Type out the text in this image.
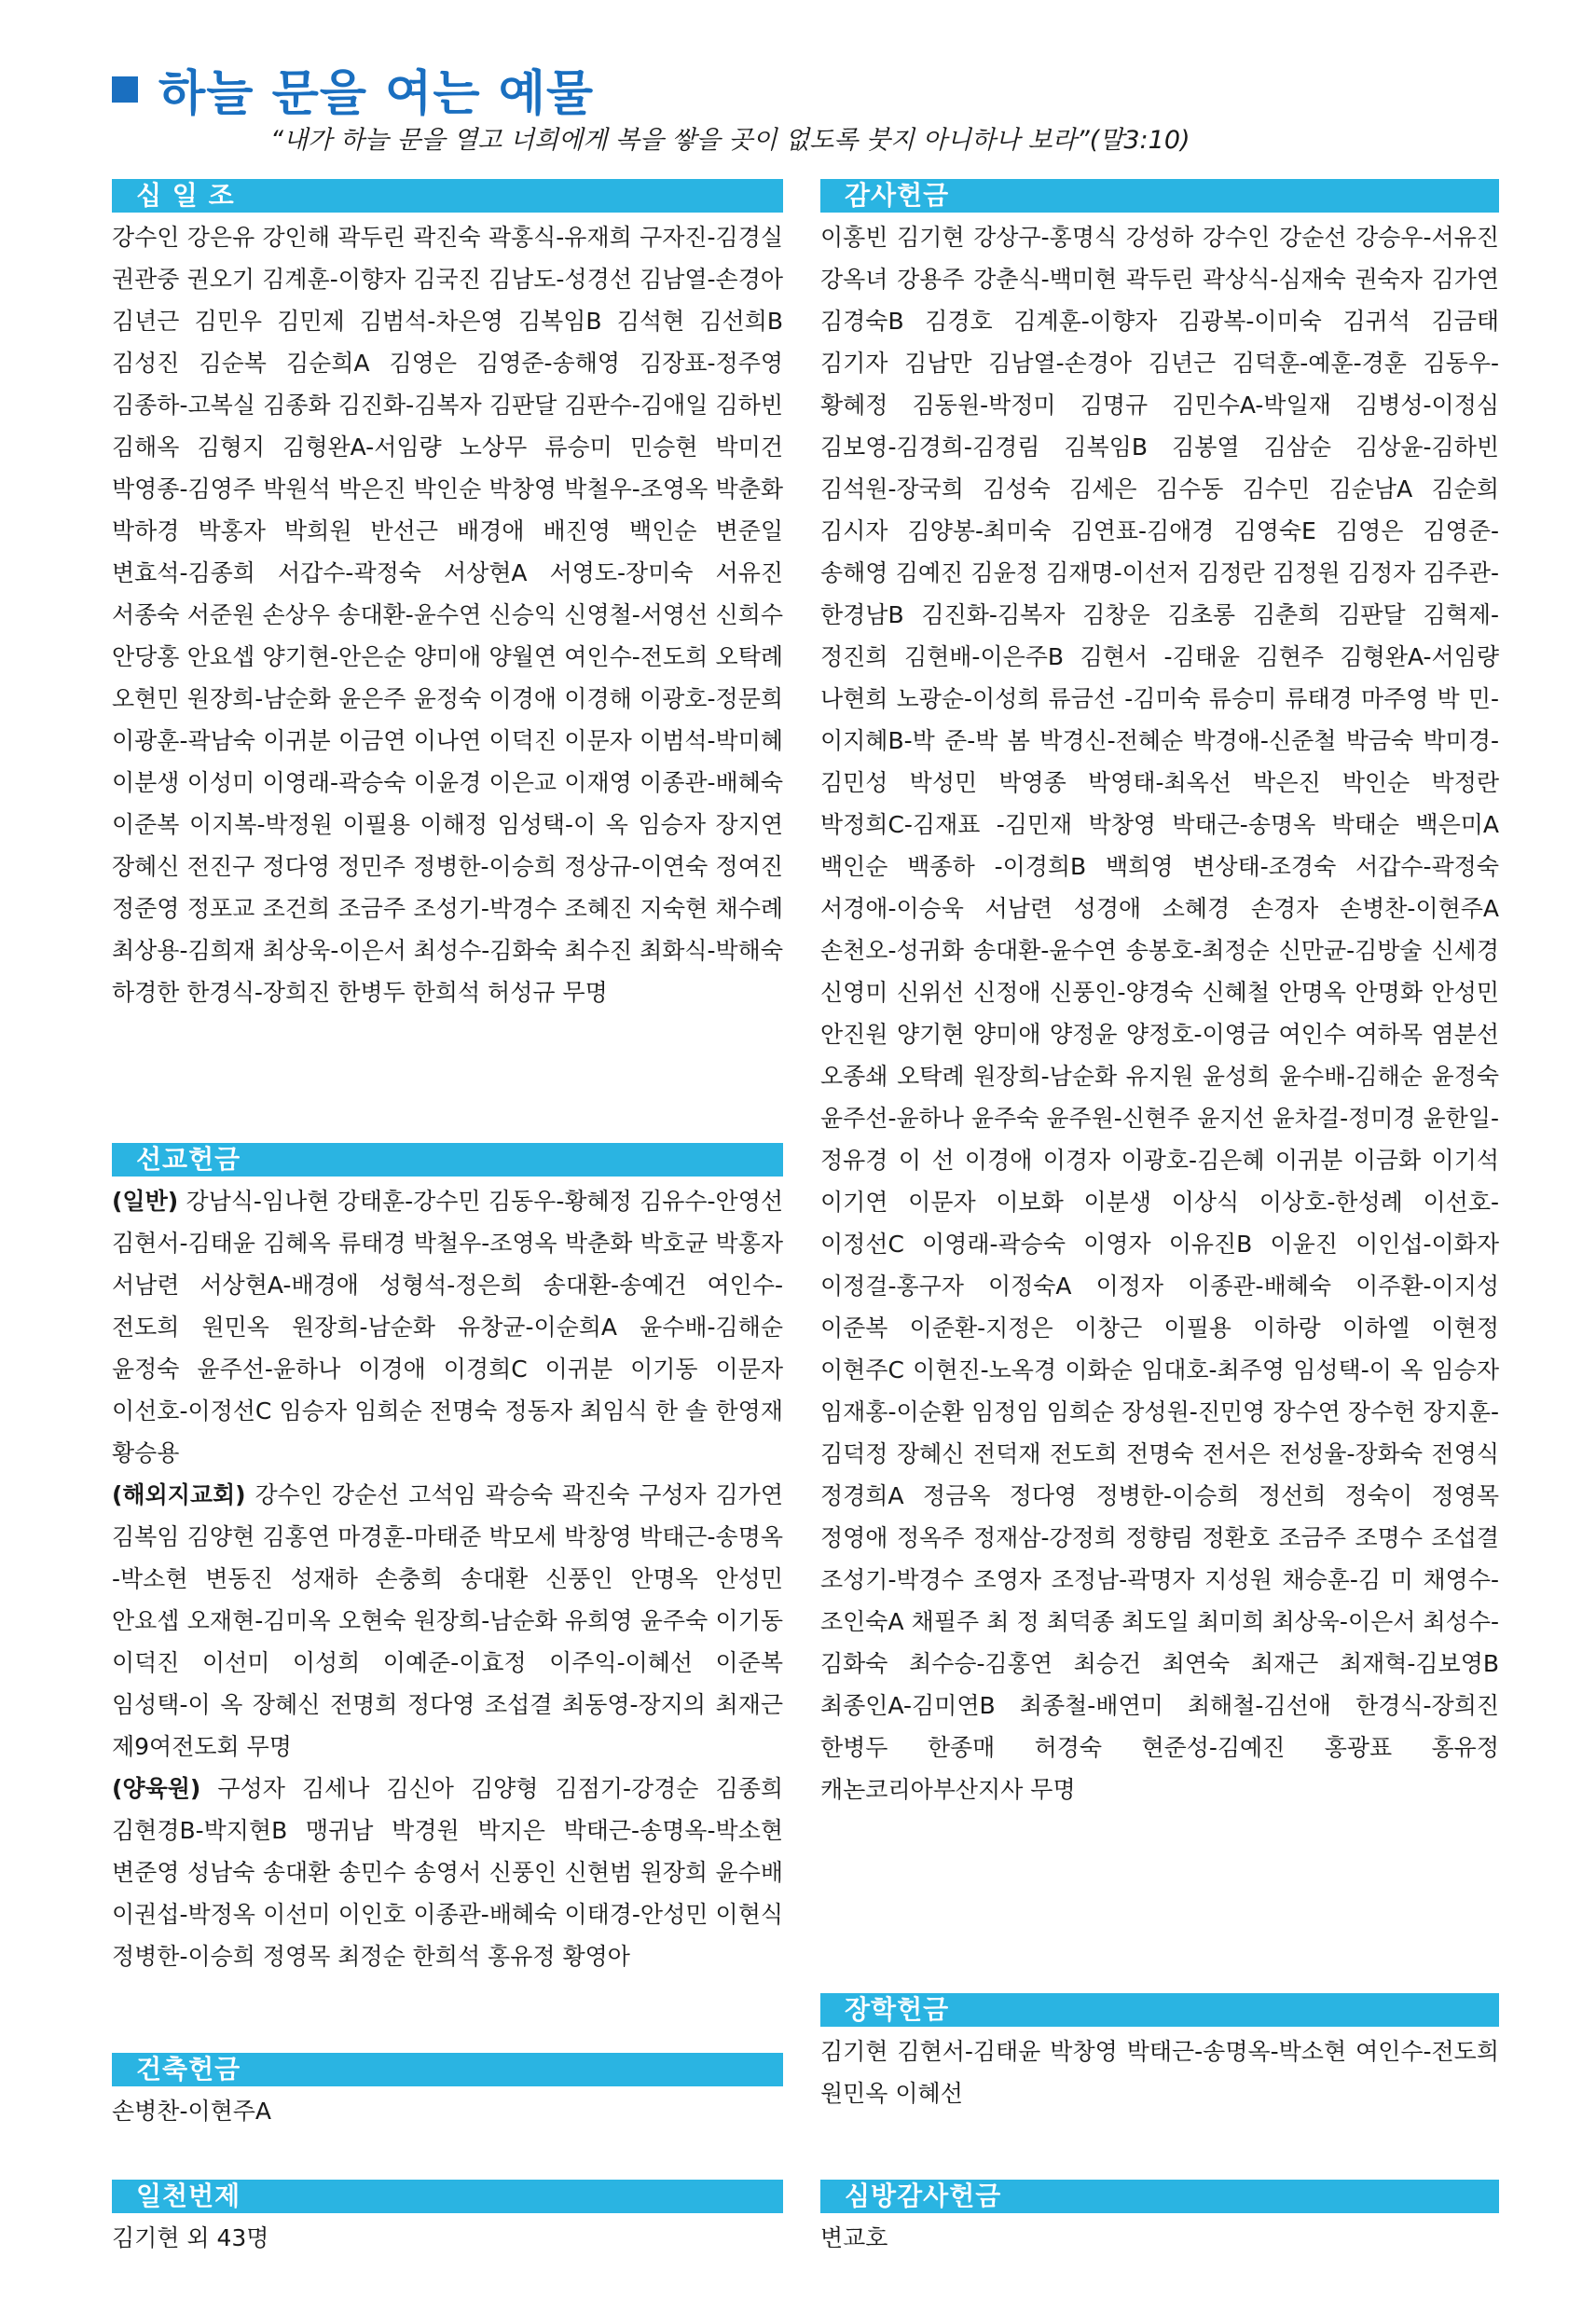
하늘 문을 여는 예물
“내가 하늘 문을 열고 너희에게 복을 쌓을 곳이 없도록 붓지 아니하나 보라”(말3:10)
십 일 조
강수인 강은유 강인해 곽두린 곽진숙 곽홍식-유재희 구자진-김경실 권관중 권오기 김계훈-이향자 김국진 김남도-성경선 김남열-손경아 김년근 김민우 김민제 김범석-차은영 김복임B 김석현 김선희B 김성진 김순복 김순희A 김영은 김영준-송해영 김장표-정주영 김종하-고복실 김종화 김진화-김복자 김판달 김판수-김애일 김하빈 김해옥 김형지 김형완A-서임량 노상무 류승미 민승현 박미건 박영종-김영주 박원석 박은진 박인순 박창영 박철우-조영옥 박춘화 박하경 박홍자 박희원 반선근 배경애 배진영 백인순 변준일 변효석-김종희 서갑수-곽정숙 서상현A 서영도-장미숙 서유진 서종숙 서준원 손상우 송대환-윤수연 신승익 신영철-서영선 신희수 안당홍 안요셉 양기현-안은순 양미애 양월연 여인수-전도희 오탁례 오현민 원장희-남순화 윤은주 윤정숙 이경애 이경해 이광호-정문희 이광훈-곽남숙 이귀분 이금연 이나연 이덕진 이문자 이범석-박미혜 이분생 이성미 이영래-곽승숙 이윤경 이은교 이재영 이종관-배혜숙 이준복 이지복-박정원 이필용 이해정 임성택-이 옥 임승자 장지연 장혜신 전진구 정다영 정민주 정병한-이승희 정상규-이연숙 정여진 정준영 정포교 조건희 조금주 조성기-박경수 조혜진 지숙현 채수례 최상용-김희재 최상욱-이은서 최성수-김화숙 최수진 최화식-박해숙 하경한 한경식-장희진 한병두 한희석 허성규 무명
선교헌금

(일반) 강남식-임나현 강태훈-강수민 김동우-황혜정 김유수-안영선 김현서-김태윤 김혜옥 류태경 박철우-조영옥 박춘화 박호균 박홍자 서남련 서상현A-배경애 성형석-정은희 송대환-송예건 여인수-전도희 원민옥 원장희-남순화 유창균-이순희A 윤수배-김해순 윤정숙 윤주선-윤하나 이경애 이경희C 이귀분 이기동 이문자 이선호-이정선C 임승자 임희순 전명숙 정동자 최임식 한 솔 한영재 황승용

(해외지교회) 강수인 강순선 고석임 곽승숙 곽진숙 구성자 김가연 김복임 김양현 김홍연 마경훈-마태준 박모세 박창영 박태근-송명옥 -박소현 변동진 성재하 손충희 송대환 신풍인 안명옥 안성민 안요셉 오재현-김미옥 오현숙 원장희-남순화 유희영 윤주숙 이기동 이덕진 이선미 이성희 이예준-이효정 이주익-이혜선 이준복 임성택-이 옥 장혜신 전명희 정다영 조섭결 최동영-장지의 최재근 제9여전도회 무명

(양육원) 구성자 김세나 김신아 김양형 김점기-강경순 김종희 김현경B-박지현B 맹귀남 박경원 박지은 박태근-송명옥-박소현 변준영 성남숙 송대환 송민수 송영서 신풍인 신현범 원장희 윤수배 이권섭-박정옥 이선미 이인호 이종관-배혜숙 이태경-안성민 이현식 정병한-이승희 정영목 최정순 한희석 홍유정 황영아

건축헌금
손병찬-이현주A
일천번제
김기현 외 43명
감사헌금
이홍빈 김기현 강상구-홍명식 강성하 강수인 강순선 강승우-서유진 강옥녀 강용주 강춘식-백미현 곽두린 곽상식-심재숙 권숙자 김가연 김경숙B 김경호 김계훈-이향자 김광복-이미숙 김귀석 김금태 김기자 김남만 김남열-손경아 김년근 김덕훈-예훈-경훈 김동우-황혜정 김동원-박정미 김명규 김민수A-박일재 김병성-이정심 김보영-김경희-김경림 김복임B 김봉열 김삼순 김상윤-김하빈 김석원-장국희 김성숙 김세은 김수동 김수민 김순남A 김순희 김시자 김양봉-최미숙 김연표-김애경 김영숙E 김영은 김영준-송해영 김예진 김윤정 김재명-이선저 김정란 김정원 김정자 김주관-한경남B 김진화-김복자 김창운 김초롱 김춘희 김판달 김혁제-정진희 김현배-이은주B 김현서 -김태윤 김현주 김형완A-서임량 나현희 노광순-이성희 류금선 -김미숙 류승미 류태경 마주영 박 민-이지혜B-박 준-박 봄 박경신-전혜순 박경애-신준철 박금숙 박미경-김민성 박성민 박영종 박영태-최옥선 박은진 박인순 박정란 박정희C-김재표 -김민재 박창영 박태근-송명옥 박태순 백은미A 백인순 백종하 -이경희B 백희영 변상태-조경숙 서갑수-곽정숙 서경애-이승욱 서남련 성경애 소혜경 손경자 손병찬-이현주A 손천오-성귀화 송대환-윤수연 송봉호-최정순 신만균-김방술 신세경 신영미 신위선 신정애 신풍인-양경숙 신혜철 안명옥 안명화 안성민 안진원 양기현 양미애 양정윤 양정호-이영금 여인수 여하목 염분선 오종쇄 오탁례 원장희-남순화 유지원 윤성희 윤수배-김해순 윤정숙 윤주선-윤하나 윤주숙 윤주원-신현주 윤지선 윤차걸-정미경 윤한일-정유경 이 선 이경애 이경자 이광호-김은혜 이귀분 이금화 이기석 이기연 이문자 이보화 이분생 이상식 이상호-한성례 이선호-이정선C 이영래-곽승숙 이영자 이유진B 이윤진 이인섭-이화자 이정걸-홍구자 이정숙A 이정자 이종관-배혜숙 이주환-이지성 이준복 이준환-지정은 이창근 이필용 이하랑 이하엘 이현정 이현주C 이현진-노옥경 이화순 임대호-최주영 임성택-이 옥 임승자 임재홍-이순환 임정임 임희순 장성원-진민영 장수연 장수헌 장지훈-김덕정 장혜신 전덕재 전도희 전명숙 전서은 전성율-장화숙 전영식 정경희A 정금옥 정다영 정병한-이승희 정선희 정숙이 정영목 정영애 정옥주 정재삼-강정희 정향림 정환호 조금주 조명수 조섭결 조성기-박경수 조영자 조정남-곽명자 지성원 채승훈-김 미 채영수-조인숙A 채필주 최 정 최덕종 최도일 최미희 최상욱-이은서 최성수-김화숙 최수승-김홍연 최승건 최연숙 최재근 최재혁-김보영B 최종인A-김미연B 최종철-배연미 최해철-김선애 한경식-장희진 한병두 한종매 허경숙 현준성-김예진 홍광표 홍유정 캐논코리아부산지사 무명
장학헌금
김기현 김현서-김태윤 박창영 박태근-송명옥-박소현 여인수-전도희 원민옥 이혜선
심방감사헌금
변교호
